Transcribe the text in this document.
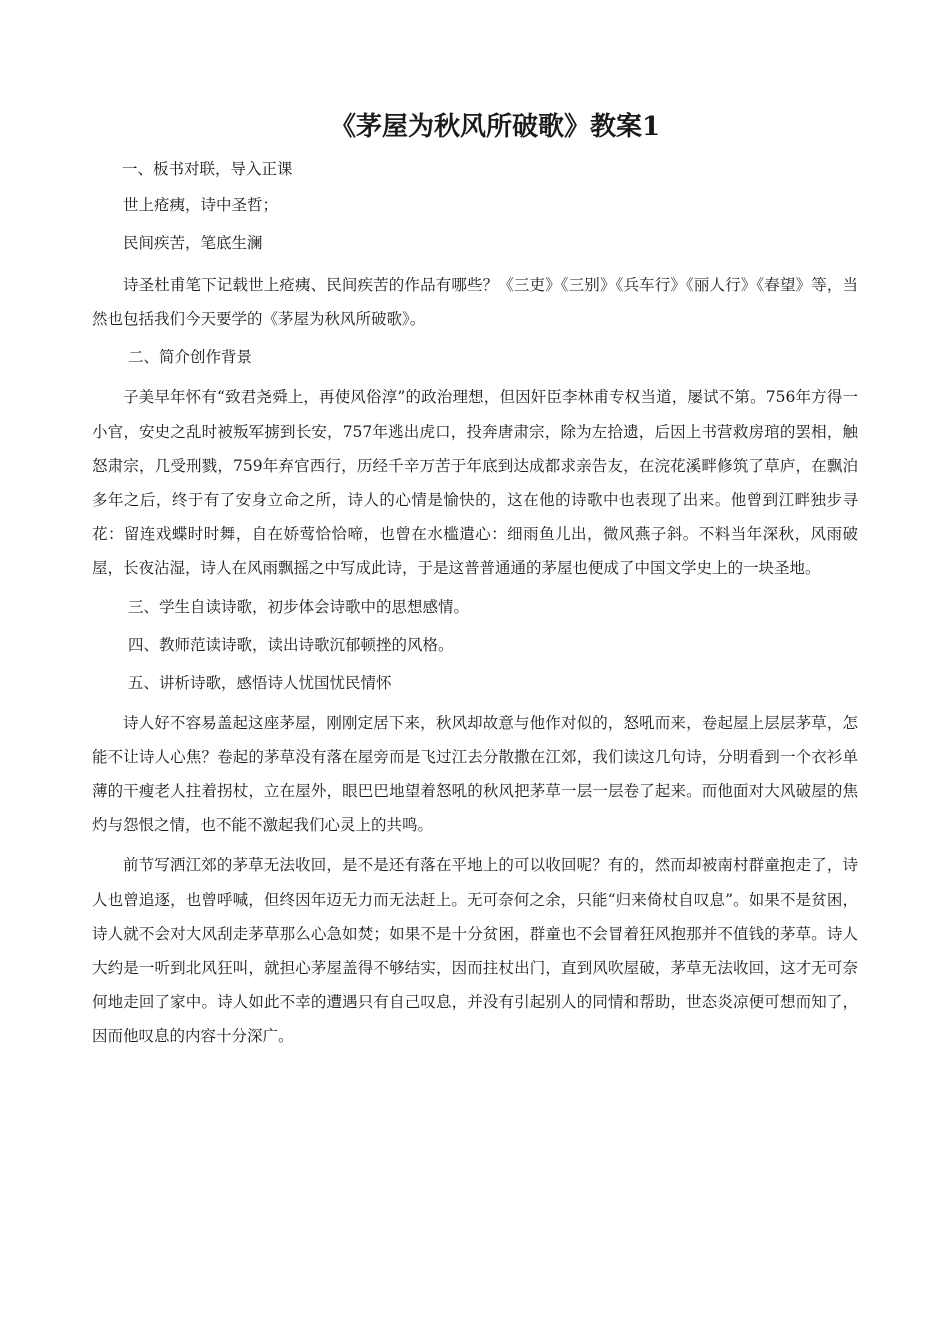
《茅屋为秋风所破歌》教案1

一、板书对联，导入正课

世上疮痍，诗中圣哲；

民间疾苦，笔底生澜

诗圣杜甫笔下记载世上疮痍、民间疾苦的作品有哪些？《三吏》《三别》《兵车行》《丽人行》《春望》等，当然也包括我们今天要学的《茅屋为秋风所破歌》。

二、简介创作背景

子美早年怀有“致君尧舜上，再使风俗淳”的政治理想，但因奸臣李林甫专权当道，屡试不第。756年方得一小官，安史之乱时被叛军掳到长安，757年逃出虎口，投奔唐肃宗，除为左拾遗，后因上书营救房琯的罢相，触怒肃宗，几受刑戮，759年弃官西行，历经千辛万苦于年底到达成都求亲告友，在浣花溪畔修筑了草庐，在飘泊多年之后，终于有了安身立命之所，诗人的心情是愉快的，这在他的诗歌中也表现了出来。他曾到江畔独步寻花：留连戏蝶时时舞，自在娇莺恰恰啼，也曾在水槛遣心：细雨鱼儿出，微风燕子斜。不料当年深秋，风雨破屋，长夜沾湿，诗人在风雨飘摇之中写成此诗，于是这普普通通的茅屋也便成了中国文学史上的一块圣地。

三、学生自读诗歌，初步体会诗歌中的思想感情。

四、教师范读诗歌，读出诗歌沉郁顿挫的风格。

五、讲析诗歌，感悟诗人忧国忧民情怀

诗人好不容易盖起这座茅屋，刚刚定居下来，秋风却故意与他作对似的，怒吼而来，卷起屋上层层茅草，怎能不让诗人心焦？卷起的茅草没有落在屋旁而是飞过江去分散撒在江郊，我们读这几句诗，分明看到一个衣衫单薄的干瘦老人拄着拐杖，立在屋外，眼巴巴地望着怒吼的秋风把茅草一层一层卷了起来。而他面对大风破屋的焦灼与怨恨之情，也不能不激起我们心灵上的共鸣。

前节写洒江郊的茅草无法收回，是不是还有落在平地上的可以收回呢？有的，然而却被南村群童抱走了，诗人也曾追逐，也曾呼喊，但终因年迈无力而无法赶上。无可奈何之余，只能“归来倚杖自叹息”。如果不是贫困，诗人就不会对大风刮走茅草那么心急如焚；如果不是十分贫困，群童也不会冒着狂风抱那并不值钱的茅草。诗人大约是一听到北风狂叫，就担心茅屋盖得不够结实，因而拄杖出门，直到风吹屋破，茅草无法收回，这才无可奈何地走回了家中。诗人如此不幸的遭遇只有自己叹息，并没有引起别人的同情和帮助，世态炎凉便可想而知了，因而他叹息的内容十分深广。
